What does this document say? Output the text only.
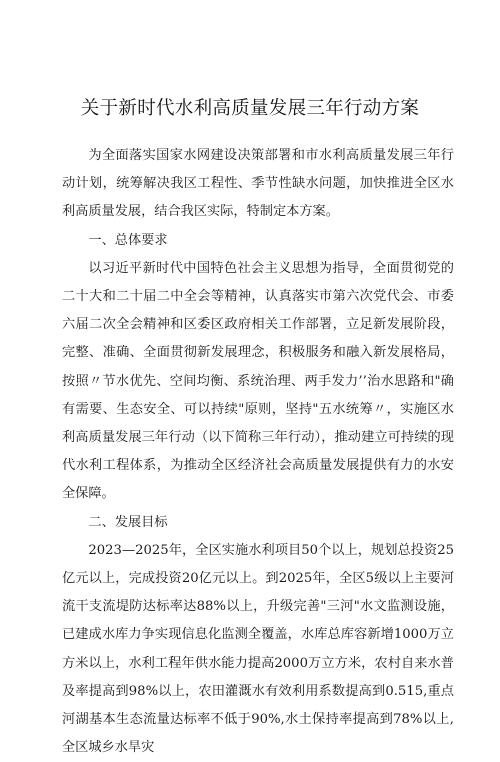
关于新时代水利高质量发展三年行动方案

为全面落实国家水网建设决策部署和市水利高质量发展三年行动计划，统筹解决我区工程性、季节性缺水问题，加快推进全区水利高质量发展，结合我区实际，特制定本方案。

一、总体要求

以习近平新时代中国特色社会主义思想为指导，全面贯彻党的二十大和二十届二中全会等精神，认真落实市第六次党代会、市委六届二次全会精神和区委区政府相关工作部署，立足新发展阶段，完整、准确、全面贯彻新发展理念，积极服务和融入新发展格局，按照〃节水优先、空间均衡、系统治理、两手发力’’治水思路和"确有需要、生态安全、可以持续"原则，坚持"五水统筹〃，实施区水利高质量发展三年行动（以下简称三年行动），推动建立可持续的现代水利工程体系，为推动全区经济社会高质量发展提供有力的水安全保障。

二、发展目标

2023—2025年，全区实施水利项目50个以上，规划总投资25亿元以上，完成投资20亿元以上。到2025年，全区5级以上主要河流干支流堤防达标率达88%以上，升级完善"三河"水文监测设施，已建成水库力争实现信息化监测全覆盖，水库总库容新增1000万立方米以上，水利工程年供水能力提高2000万立方米，农村自来水普及率提高到98%以上，农田灌溉水有效利用系数提高到0.515,重点河湖基本生态流量达标率不低于90%,水土保持率提高到78%以上,全区城乡水旱灾
